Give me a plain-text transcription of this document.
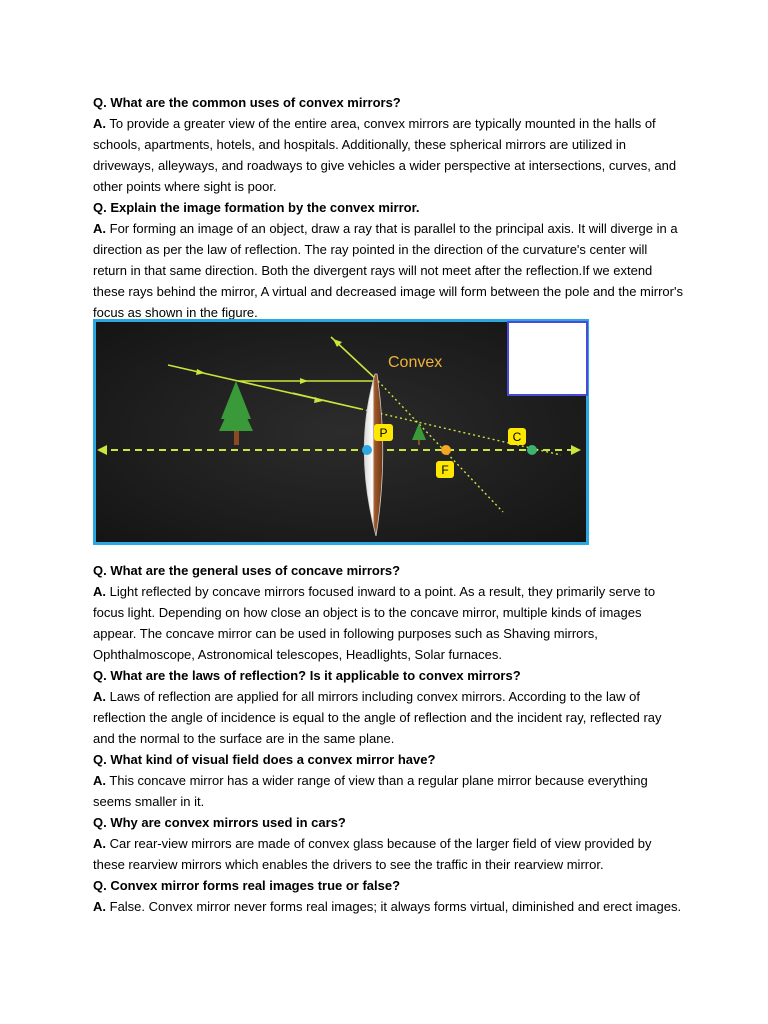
Q. What are the common uses of convex mirrors?

A. To provide a greater view of the entire area, convex mirrors are typically mounted in the halls of schools, apartments, hotels, and hospitals. Additionally, these spherical mirrors are utilized in driveways, alleyways, and roadways to give vehicles a wider perspective at intersections, curves, and other points where sight is poor.

Q. Explain the image formation by the convex mirror.

A. For forming an image of an object, draw a ray that is parallel to the principal axis. It will diverge in a direction as per the law of reflection. The ray pointed in the direction of the curvature's center will return in that same direction. Both the divergent rays will not meet after the reflection.If we extend these rays behind the mirror, A virtual and decreased image will form between the pole and the mirror's focus as shown in the figure.

Convex
P
F
C

Q. What are the general uses of concave mirrors?

A. Light reflected by concave mirrors focused inward to a point. As a result, they primarily serve to focus light. Depending on how close an object is to the concave mirror, multiple kinds of images appear. The concave mirror can be used in following purposes such as Shaving mirrors, Ophthalmoscope, Astronomical telescopes, Headlights, Solar furnaces.

Q. What are the laws of reflection? Is it applicable to convex mirrors?

A. Laws of reflection are applied for all mirrors including convex mirrors. According to the law of reflection the angle of incidence is equal to the angle of reflection and the incident ray, reflected ray and the normal to the surface are in the same plane.

Q. What kind of visual field does a convex mirror have?

A. This concave mirror has a wider range of view than a regular plane mirror because everything seems smaller in it.

Q. Why are convex mirrors used in cars?

A. Car rear-view mirrors are made of convex glass because of the larger field of view provided by these rearview mirrors which enables the drivers to see the traffic in their rearview mirror.

Q. Convex mirror forms real images true or false?

A. False. Convex mirror never forms real images; it always forms virtual, diminished and erect images.
